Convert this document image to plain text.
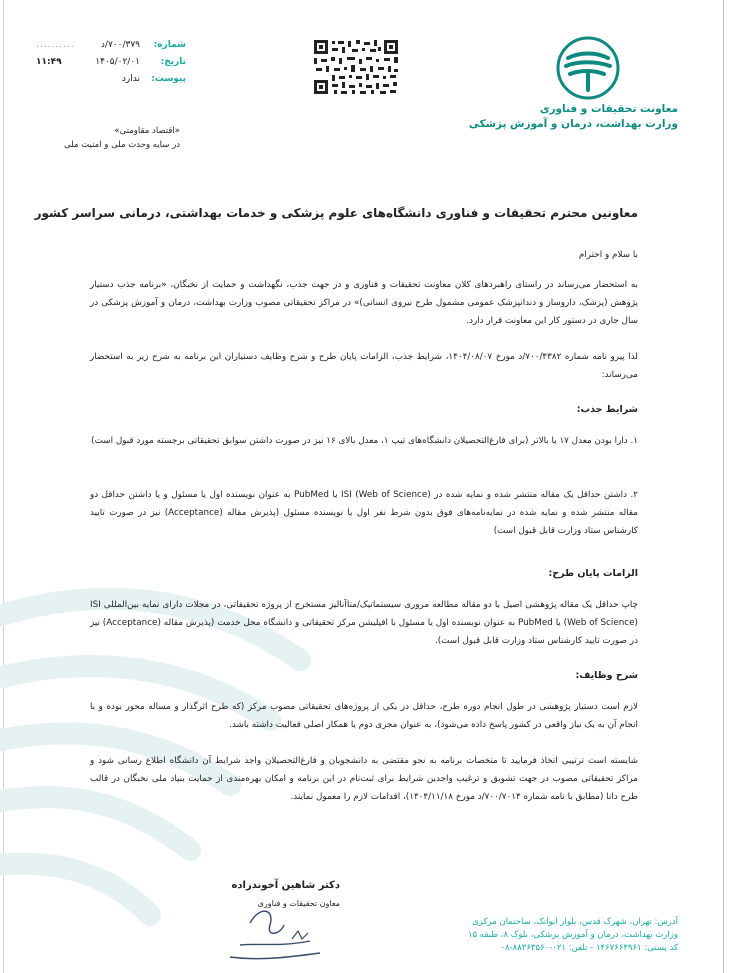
معاونت تحقیقات و فناوری
وزارت بهداشت، درمان و آموزش پزشکی
..........	۷۰۰/۳۷۹/د شماره:
۱۱:۴۹	۱۴۰۵/۰۲/۰۱ تاریخ:
ندارد پیوست:
«اقتصاد مقاومتی»
در سایه وحدت ملی و امنیت ملی
معاونین محترم تحقیقات و فناوری دانشگاه‌های علوم پزشکی و خدمات بهداشتی، درمانی سراسر کشور
با سلام و احترام
به استحضار می‌رساند در راستای راهبردهای کلان معاونت تحقیقات و فناوری و در جهت جذب، نگهداشت و حمایت از نخبگان، «برنامه جذب دستیار پژوهش (پزشک، داروساز و دندانپزشک عمومی مشمول طرح نیروی انسانی)» در مراکز تحقیقاتی مصوب وزارت بهداشت، درمان و آموزش پزشکی در سال جاری در دستور کار این معاونت قرار دارد.
لذا پیرو نامه شماره ۷۰۰/۴۳۸۲/د مورخ ۱۴۰۴/۰۸/۰۷، شرایط جذب، الزامات پایان طرح و شرح وظایف دستیاران این برنامه به شرح زیر به استحضار می‌رساند:
شرایط جذب:
۱. دارا بودن معدل ۱۷ یا بالاتر (برای فارغ‌التحصیلان دانشگاه‌های تیپ ۱، معدل بالای ۱۶ نیز در صورت داشتن سوابق تحقیقاتی برجسته مورد قبول است)
۲. داشتن حداقل یک مقاله منتشر شده و نمایه شده در ISI (Web of Science) یا PubMed به عنوان نویسنده اول یا مسئول و یا داشتن حداقل دو مقاله منتشر شده و نمایه شده در نمایه‌نامه‌های فوق بدون شرط نفر اول یا نویسنده مسئول (پذیرش مقاله (Acceptance) نیز در صورت تایید کارشناس ستاد وزارت قابل قبول است)
الزامات پایان طرح:
چاپ حداقل یک مقاله پژوهشی اصیل یا دو مقاله مطالعه مروری سیستماتیک/متاآنالیز مستخرج از پروژه تحقیقاتی، در مجلات دارای نمایه بین‌المللی ISI (Web of Science) یا PubMed به عنوان نویسنده اول یا مسئول با افیلیشن مرکز تحقیقاتی و دانشگاه محل خدمت (پذیرش مقاله (Acceptance) نیز در صورت تایید کارشناس ستاد وزارت قابل قبول است).
شرح وظایف:
لازم است دستیار پژوهشی در طول انجام دوره طرح، حداقل در یکی از پروژه‌های تحقیقاتی مصوب مرکز (که طرح اثرگذار و مساله محور بوده و با انجام آن به یک نیاز واقعی در کشور پاسخ داده می‌شود)، به عنوان مجری دوم یا همکار اصلی فعالیت داشته باشد.
شایسته است ترتیبی اتخاذ فرمایید تا متخصات برنامه به نحو مقتضی به دانشجویان و فارغ‌التحصیلان واجد شرایط آن دانشگاه اطلاع رسانی شود و مراکز تحقیقاتی مصوب در جهت تشویق و ترغیب واجدین شرایط برای ثبت‌نام در این برنامه و امکان بهره‌مندی از حمایت بنیاد ملی نخبگان در قالب طرح دانا (مطابق با نامه شماره ۷۰۰/۷۰۱۴/د مورخ ۱۴۰۴/۱۱/۱۸)، اقدامات لازم را معمول نمایند.
دکتر شاهین آخوندزاده
معاون تحقیقات و فناوری
آدرس: تهران، شهرک قدس، بلوار ایوانک، ساختمان مرکزی
وزارت بهداشت، درمان و آموزش پزشکی، بلوک ۸، طبقه ۱۵
کد پستی: ۱۴۶۷۶۶۴۹۶۱ - تلفن: ۰۲۱-۸۸۳۶۳۵۶۰-۰۸
